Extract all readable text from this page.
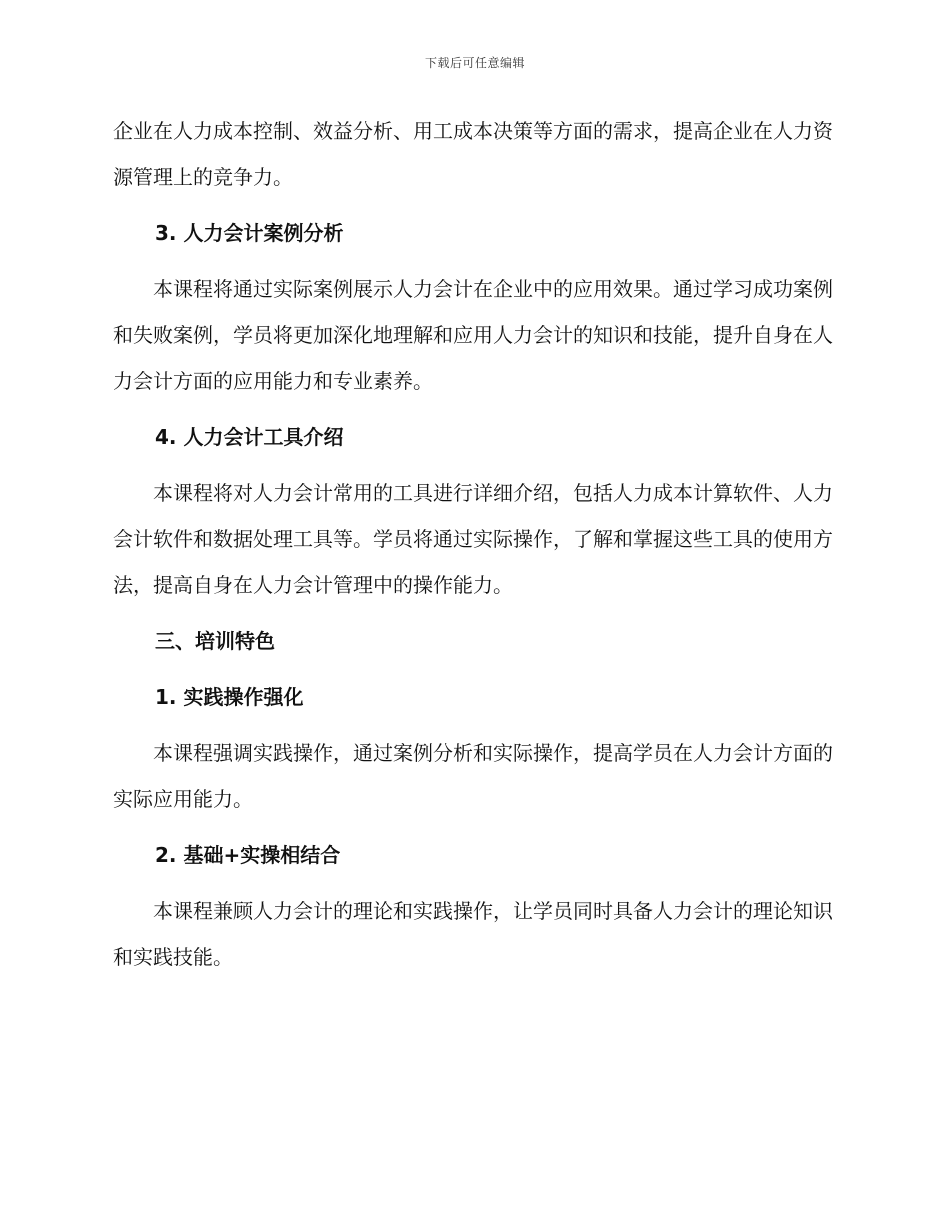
下载后可任意编辑

企业在人力成本控制、效益分析、用工成本决策等方面的需求，提高企业在人力资源管理上的竞争力。

3. 人力会计案例分析

本课程将通过实际案例展示人力会计在企业中的应用效果。通过学习成功案例和失败案例，学员将更加深化地理解和应用人力会计的知识和技能，提升自身在人力会计方面的应用能力和专业素养。

4. 人力会计工具介绍

本课程将对人力会计常用的工具进行详细介绍，包括人力成本计算软件、人力会计软件和数据处理工具等。学员将通过实际操作，了解和掌握这些工具的使用方法，提高自身在人力会计管理中的操作能力。

三、培训特色
1. 实践操作强化

本课程强调实践操作，通过案例分析和实际操作，提高学员在人力会计方面的实际应用能力。

2. 基础+实操相结合

本课程兼顾人力会计的理论和实践操作，让学员同时具备人力会计的理论知识和实践技能。
